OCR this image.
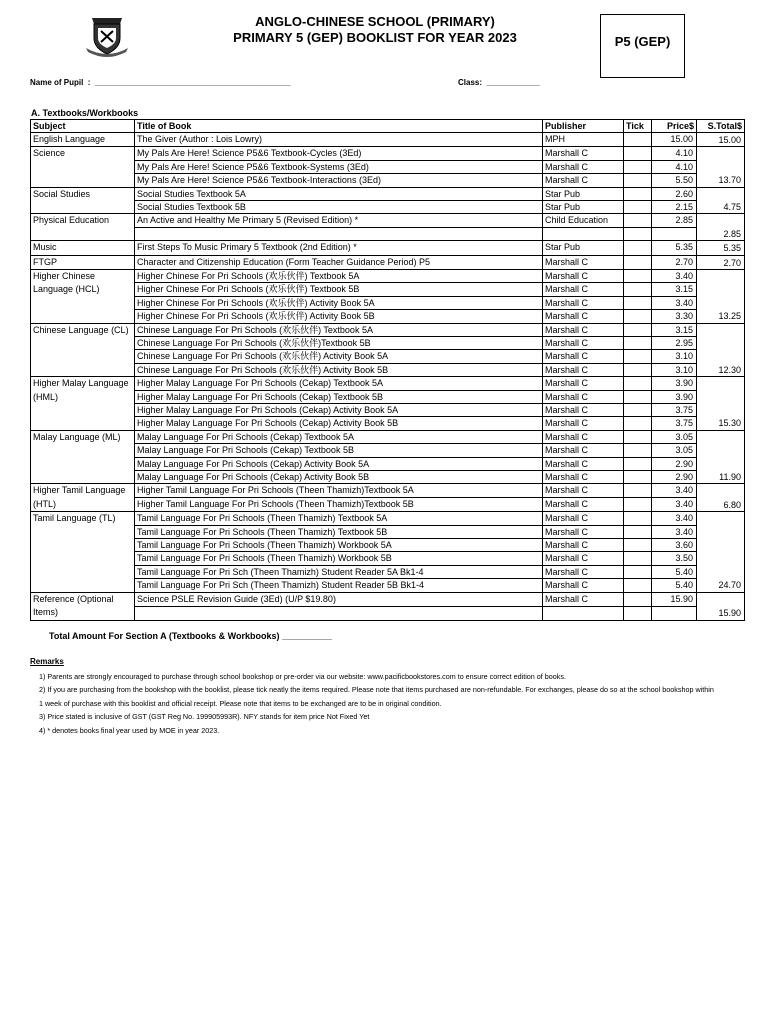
ANGLO-CHINESE SCHOOL (PRIMARY)
PRIMARY 5 (GEP) BOOKLIST FOR YEAR 2023	P5 (GEP)
Name of Pupil  :  ____________________________________________	Class:  ____________
A. Textbooks/Workbooks
Subject	Title of Book	Publisher	Tick	Price$	S.Total$
English Language	The Giver (Author : Lois Lowry)	MPH		15.00	15.00
Science	My Pals Are Here! Science P5&6 Textbook-Cycles (3Ed)	Marshall C		4.10	13.70
	My Pals Are Here! Science P5&6 Textbook-Systems (3Ed)	Marshall C		4.10	
	My Pals Are Here! Science P5&6 Textbook-Interactions (3Ed)	Marshall C		5.50	
Social Studies	Social Studies Textbook 5A	Star Pub		2.60	4.75
	Social Studies Textbook 5B	Star Pub		2.15	
Physical Education	An Active and Healthy Me Primary 5 (Revised Edition) *	Child Education		2.85	2.85

Music	First Steps To Music Primary 5 Textbook (2nd Edition) *	Star Pub		5.35	5.35
FTGP	Character and Citizenship Education (Form Teacher Guidance Period) P5	Marshall C		2.70	2.70
Higher Chinese Language (HCL)	Higher Chinese For Pri Schools (欢乐伙伴) Textbook 5A	Marshall C		3.40	13.25
	Higher Chinese For Pri Schools (欢乐伙伴) Textbook 5B	Marshall C		3.15	
	Higher Chinese For Pri Schools (欢乐伙伴) Activity Book 5A	Marshall C		3.40	
	Higher Chinese For Pri Schools (欢乐伙伴) Activity Book 5B	Marshall C		3.30	
Chinese Language (CL)	Chinese Language For Pri Schools (欢乐伙伴) Textbook 5A	Marshall C		3.15	12.30
	Chinese Language For Pri Schools (欢乐伙伴)Textbook 5B	Marshall C		2.95	
	Chinese Language For Pri Schools (欢乐伙伴) Activity Book 5A	Marshall C		3.10	
	Chinese Language For Pri Schools (欢乐伙伴) Activity Book 5B	Marshall C		3.10	
Higher Malay Language (HML)	Higher Malay Language For Pri Schools (Cekap) Textbook 5A	Marshall C		3.90	15.30
	Higher Malay Language For Pri Schools (Cekap) Textbook 5B	Marshall C		3.90	
	Higher Malay Language For Pri Schools (Cekap) Activity Book 5A	Marshall C		3.75	
	Higher Malay Language For Pri Schools (Cekap) Activity Book 5B	Marshall C		3.75	
Malay Language (ML)	Malay Language For Pri Schools (Cekap) Textbook 5A	Marshall C		3.05	11.90
	Malay Language For Pri Schools (Cekap) Textbook 5B	Marshall C		3.05	
	Malay Language For Pri Schools (Cekap) Activity Book 5A	Marshall C		2.90	
	Malay Language For Pri Schools (Cekap) Activity Book 5B	Marshall C		2.90	
Higher Tamil Language (HTL)	Higher Tamil Language For Pri Schools (Theen Thamizh)Textbook 5A	Marshall C		3.40	6.80
	Higher Tamil Language For Pri Schools (Theen Thamizh)Textbook 5B	Marshall C		3.40	
Tamil Language (TL)	Tamil Language For Pri Schools (Theen Thamizh) Textbook 5A	Marshall C		3.40	24.70
	Tamil Language For Pri Schools (Theen Thamizh) Textbook 5B	Marshall C		3.40	
	Tamil Language For Pri Schools (Theen Thamizh) Workbook 5A	Marshall C		3.60	
	Tamil Language For Pri Schools (Theen Thamizh) Workbook 5B	Marshall C		3.50	
	Tamil Language For Pri Sch (Theen Thamizh) Student Reader 5A Bk1-4	Marshall C		5.40	
	Tamil Language For Pri Sch (Theen Thamizh) Student Reader 5B Bk1-4	Marshall C		5.40	
Reference (Optional Items)	Science PSLE Revision Guide (3Ed) (U/P $19.80)	Marshall C		15.90	15.90

Total Amount For Section A (Textbooks & Workbooks) __________
Remarks

1) Parents are strongly encouraged to purchase through school bookshop or pre-order via our website: www.pacificbookstores.com to ensure correct edition of books.

2) If you are purchasing from the bookshop with the booklist, please tick neatly the items required. Please note that items purchased are non-refundable. For exchanges, please do so at the school bookshop within 1 week of purchase with this booklist and official receipt. Please note that items to be exchanged are to be in original condition.

3) Price stated is inclusive of GST (GST Reg No. 199905993R). NFY stands for item price Not Fixed Yet

4) * denotes books final year used by MOE in year 2023.
